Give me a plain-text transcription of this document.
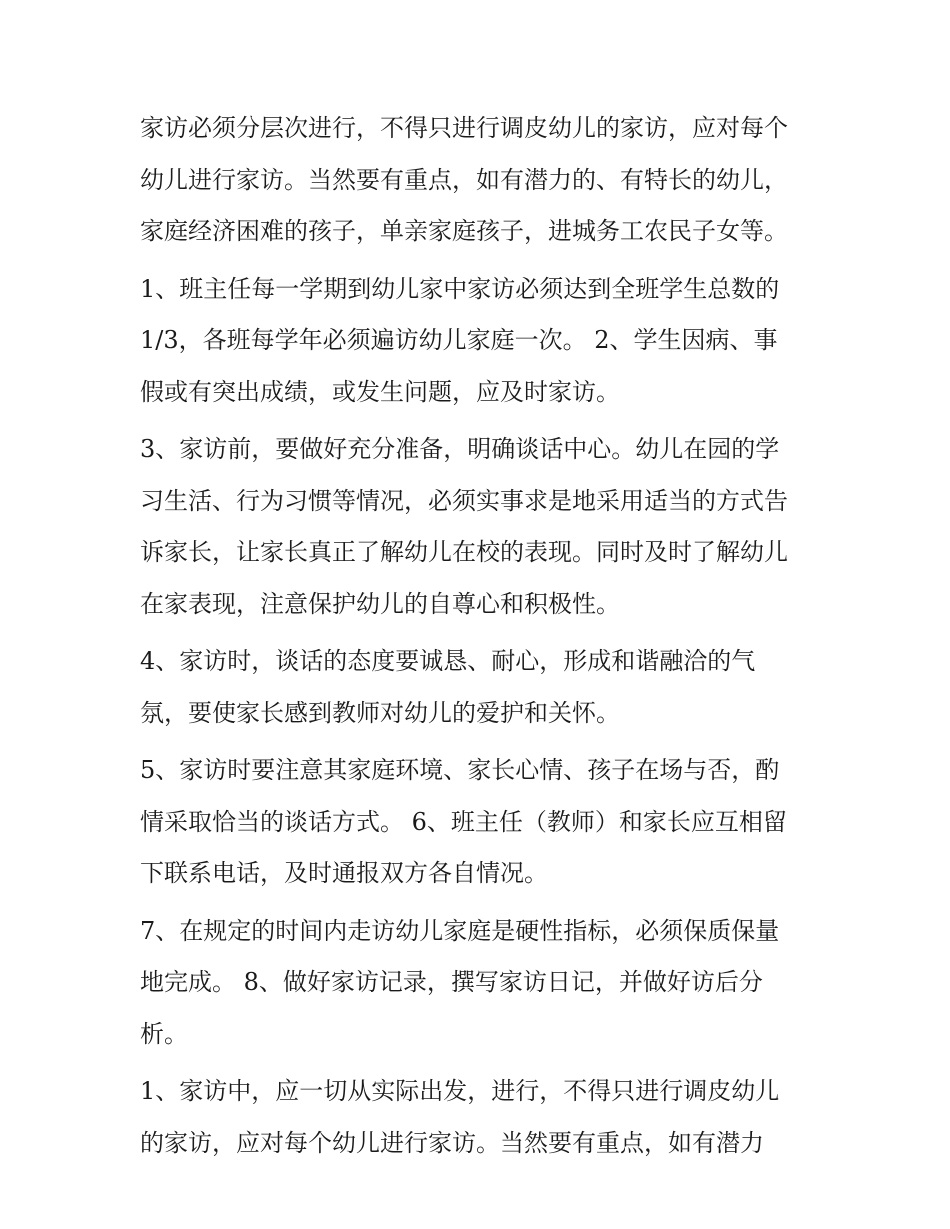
家访必须分层次进行，不得只进行调皮幼儿的家访，应对每个
幼儿进行家访。当然要有重点，如有潜力的、有特长的幼儿，
家庭经济困难的孩子，单亲家庭孩子，进城务工农民子女等。
1、班主任每一学期到幼儿家中家访必须达到全班学生总数的
1/3，各班每学年必须遍访幼儿家庭一次。 2、学生因病、事
假或有突出成绩，或发生问题，应及时家访。
3、家访前，要做好充分准备，明确谈话中心。幼儿在园的学
习生活、行为习惯等情况，必须实事求是地采用适当的方式告
诉家长，让家长真正了解幼儿在校的表现。同时及时了解幼儿
在家表现，注意保护幼儿的自尊心和积极性。
4、家访时，谈话的态度要诚恳、耐心，形成和谐融洽的气
氛，要使家长感到教师对幼儿的爱护和关怀。
5、家访时要注意其家庭环境、家长心情、孩子在场与否，酌
情采取恰当的谈话方式。 6、班主任（教师）和家长应互相留
下联系电话，及时通报双方各自情况。
7、在规定的时间内走访幼儿家庭是硬性指标，必须保质保量
地完成。 8、做好家访记录，撰写家访日记，并做好访后分
析。
1、家访中，应一切从实际出发，进行，不得只进行调皮幼儿
的家访，应对每个幼儿进行家访。当然要有重点，如有潜力
